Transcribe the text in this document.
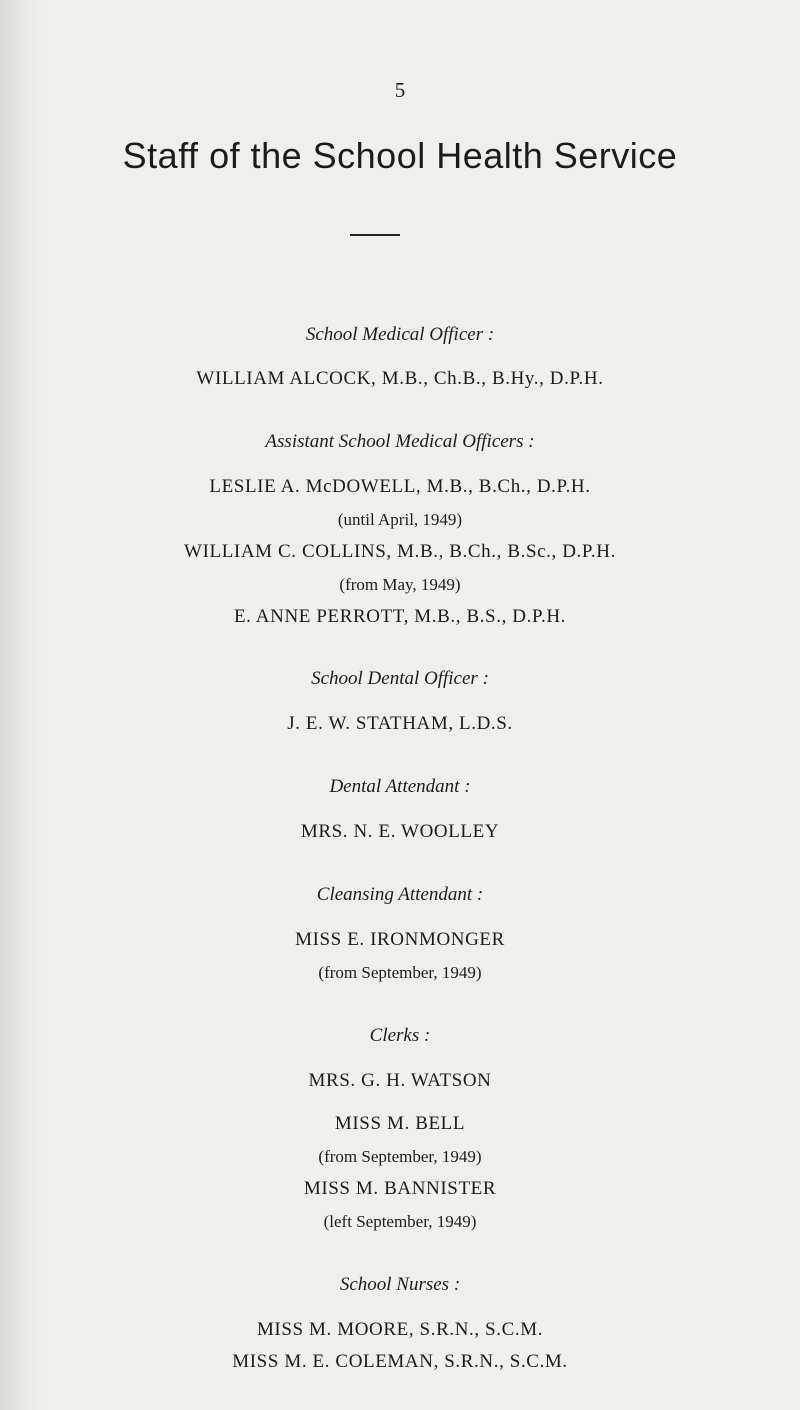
5
Staff of the School Health Service
School Medical Officer :
WILLIAM ALCOCK, M.B., Ch.B., B.Hy., D.P.H.
Assistant School Medical Officers :
LESLIE A. McDOWELL, M.B., B.Ch., D.P.H.
(until April, 1949)
WILLIAM C. COLLINS, M.B., B.Ch., B.Sc., D.P.H.
(from May, 1949)
E. ANNE PERROTT, M.B., B.S., D.P.H.
School Dental Officer :
J. E. W. STATHAM, L.D.S.
Dental Attendant :
MRS. N. E. WOOLLEY
Cleansing Attendant :
MISS E. IRONMONGER
(from September, 1949)
Clerks :
MRS. G. H. WATSON
MISS M. BELL
(from September, 1949)
MISS M. BANNISTER
(left September, 1949)
School Nurses :
MISS M. MOORE, S.R.N., S.C.M.
MISS M. E. COLEMAN, S.R.N., S.C.M.
